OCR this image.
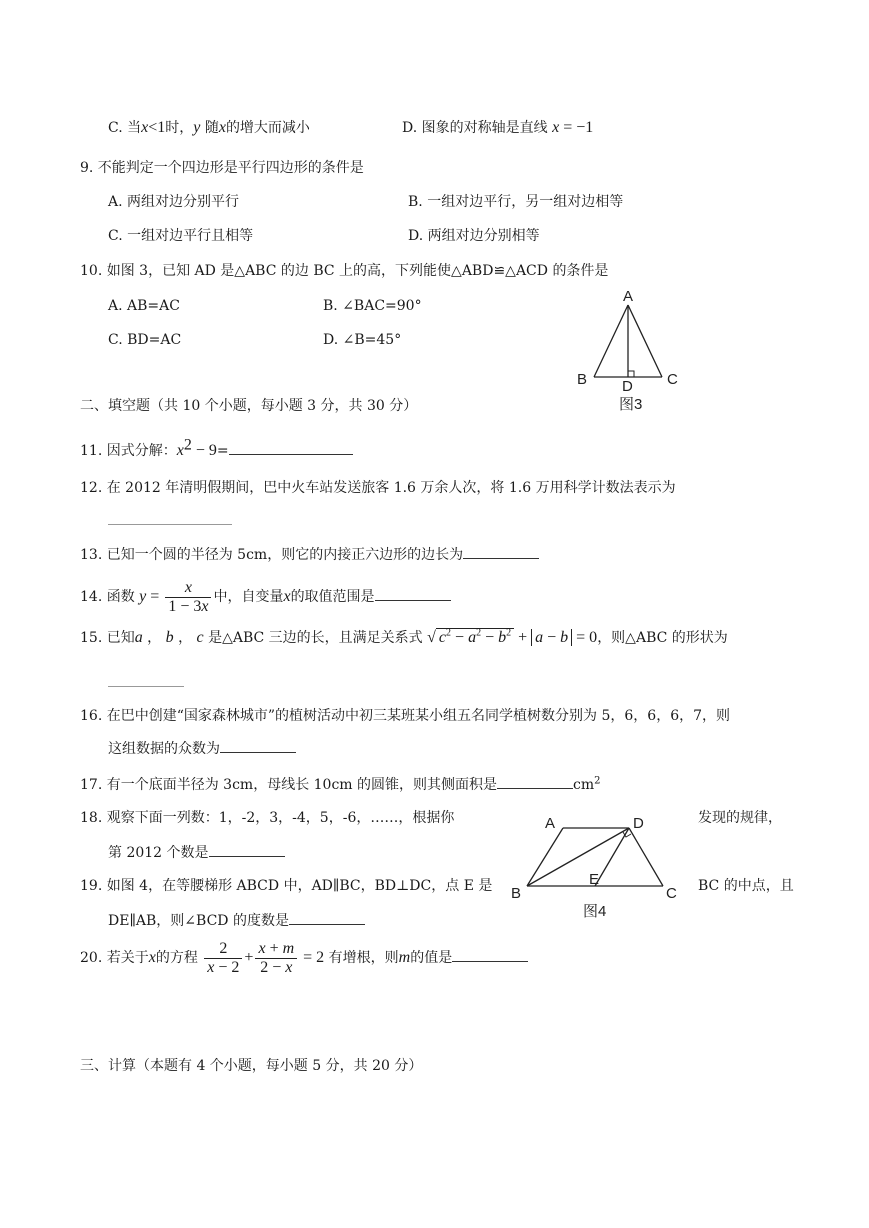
C. 当x<1时，y 随x的增大而减小	D. 图象的对称轴是直线 x = −1
9. 不能判定一个四边形是平行四边形的条件是
A. 两组对边分别平行	B. 一组对边平行，另一组对边相等
C. 一组对边平行且相等	D. 两组对边分别相等
10. 如图 3，已知 AD 是△ABC 的边 BC 上的高，下列能使△ABD≌△ACD 的条件是
A. AB=AC	B. ∠BAC=90°
C. BD=AC	D. ∠B=45°
A
B	C
D
图3
二、填空题（共 10 个小题，每小题 3 分，共 30 分）
11. 因式分解：$x^2 - 9=$
12. 在 2012 年清明假期间，巴中火车站发送旅客 1.6 万余人次，将 1.6 万用科学计数法表示为
13. 已知一个圆的半径为 5cm，则它的内接正六边形的边长为
14. 函数 $y = \frac{x}{1 - 3x}$ 中，自变量x的取值范围是
15. 已知a ， b ， c 是△ABC 三边的长，且满足关系式 √ $c^2 - a^2 - b^2 + a - b = 0$，则△ABC 的形状为
16. 在巴中创建“国家森林城市”的植树活动中初三某班某小组五名同学植树数分别为 5，6，6，6，7，则
这组数据的众数为
17. 有一个底面半径为 3cm，母线长 10cm 的圆锥，则其侧面积是	$cm^2$
18. 观察下面一列数：1，-2，3，-4，5，-6，……，根据你	发现的规律，
第 2012 个数是
19. 如图 4，在等腰梯形 ABCD 中，AD∥BC，BD⊥DC，点 E 是	BC 的中点，且
DE∥AB，则∠BCD 的度数是
A	D
B
E
C
图4
20. 若关于x的方程 $\frac{2}{x - 2} + \frac{x + m}{2 - x} = 2$ 有增根，则m的值是
三、计算（本题有 4 个小题，每小题 5 分，共 20 分）
